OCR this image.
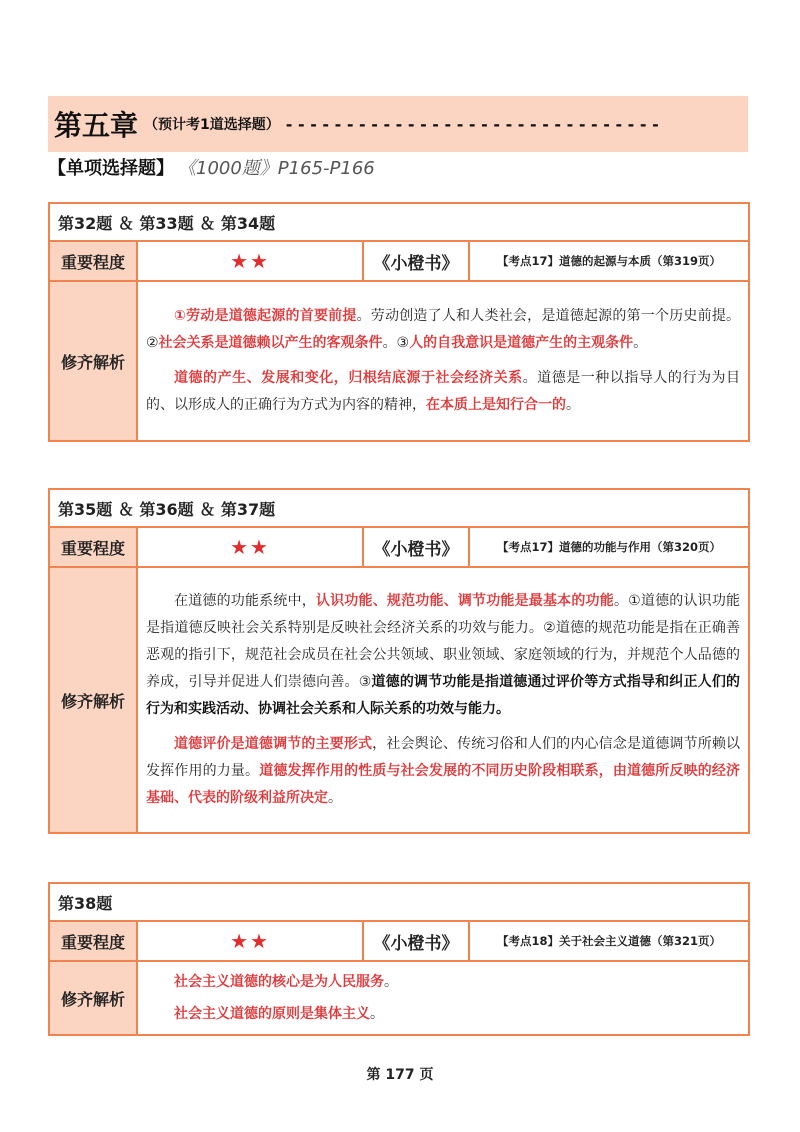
第五章 （预计考1道选择题） - - - - - - - - - - - - - - - - - - - - - - - - - - - - - - -
【单项选择题】 《1000题》P165-P166
第32题 ＆ 第33题 ＆ 第34题			
重要程度	★★	《小橙书》	【考点17】道德的起源与本质（第319页）
修齐解析	①劳动是道德起源的首要前提。劳动创造了人和人类社会，是道德起源的第一个历史前提。②社会关系是道德赖以产生的客观条件。③人的自我意识是道德产生的主观条件。

道德的产生、发展和变化，归根结底源于社会经济关系。道德是一种以指导人的行为为目的、以形成人的正确行为方式为内容的精神，在本质上是知行合一的。		

第35题 ＆ 第36题 ＆ 第37题			
重要程度	★★	《小橙书》	【考点17】道德的功能与作用（第320页）
修齐解析	在道德的功能系统中，认识功能、规范功能、调节功能是最基本的功能。①道德的认识功能是指道德反映社会关系特别是反映社会经济关系的功效与能力。②道德的规范功能是指在正确善恶观的指引下，规范社会成员在社会公共领域、职业领域、家庭领域的行为，并规范个人品德的养成，引导并促进人们崇德向善。③道德的调节功能是指道德通过评价等方式指导和纠正人们的行为和实践活动、协调社会关系和人际关系的功效与能力。

道德评价是道德调节的主要形式，社会舆论、传统习俗和人们的内心信念是道德调节所赖以发挥作用的力量。道德发挥作用的性质与社会发展的不同历史阶段相联系，由道德所反映的经济基础、代表的阶级利益所决定。		

第38题			
重要程度	★★	《小橙书》	【考点18】关于社会主义道德（第321页）
修齐解析	社会主义道德的核心是为人民服务。

社会主义道德的原则是集体主义。		

第 177 页
